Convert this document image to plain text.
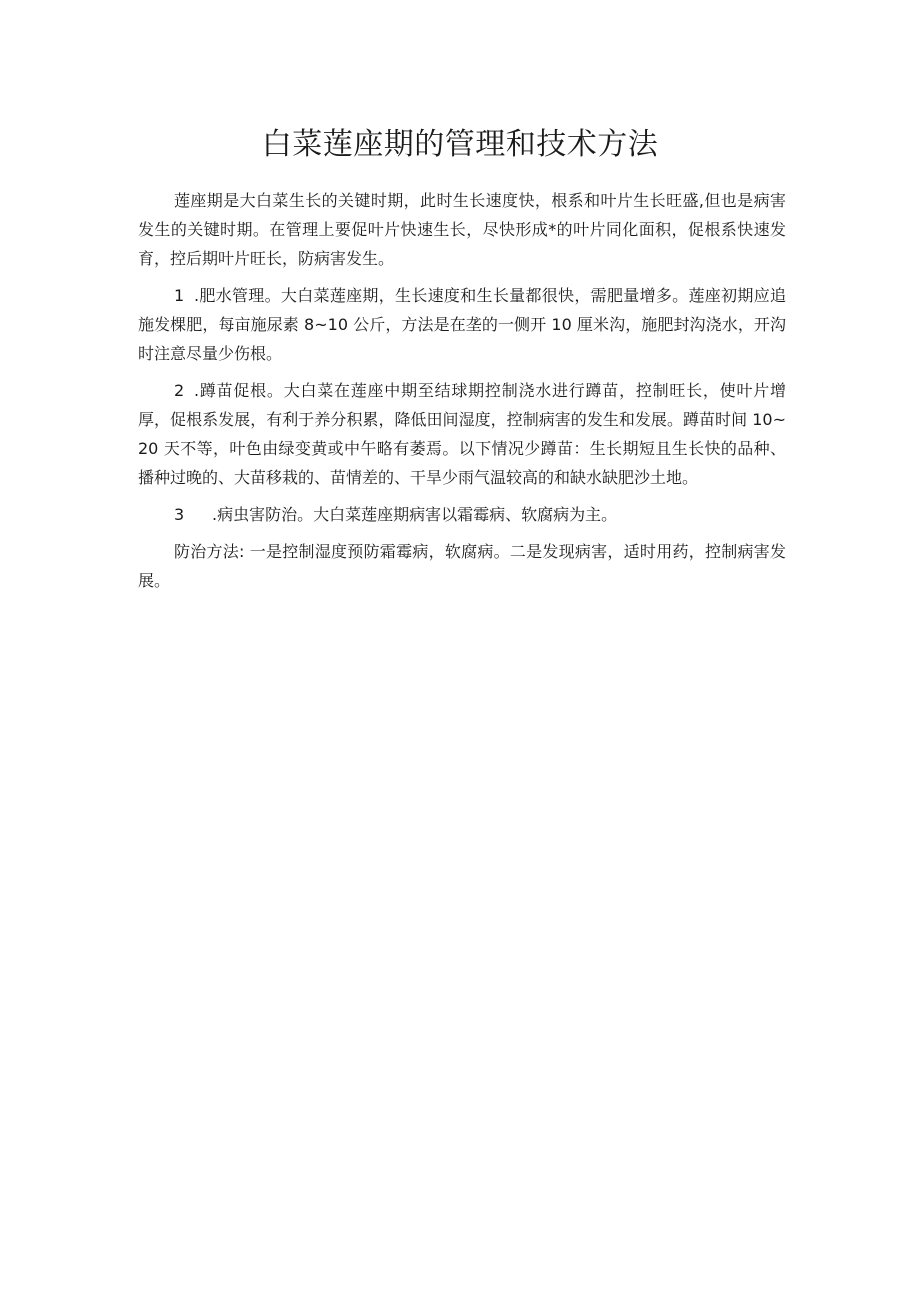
白菜莲座期的管理和技术方法

莲座期是大白菜生长的关键时期，此时生长速度快，根系和叶片生长旺盛,但也是病害发生的关键时期。在管理上要促叶片快速生长，尽快形成*的叶片同化面积，促根系快速发育，控后期叶片旺长，防病害发生。

1 .肥水管理。大白菜莲座期，生长速度和生长量都很快，需肥量增多。莲座初期应追施发棵肥，每亩施尿素 8~10 公斤，方法是在垄的一侧开 10 厘米沟，施肥封沟浇水，开沟时注意尽量少伤根。

2 .蹲苗促根。大白菜在莲座中期至结球期控制浇水进行蹲苗，控制旺长，使叶片增厚，促根系发展，有利于养分积累，降低田间湿度，控制病害的发生和发展。蹲苗时间 10~20 天不等，叶色由绿变黄或中午略有萎焉。以下情况少蹲苗：生长期短且生长快的品种、播种过晚的、大苗移栽的、苗情差的、干旱少雨气温较高的和缺水缺肥沙土地。

3 .病虫害防治。大白菜莲座期病害以霜霉病、软腐病为主。

防治方法: 一是控制湿度预防霜霉病，软腐病。二是发现病害，适时用药，控制病害发展。
